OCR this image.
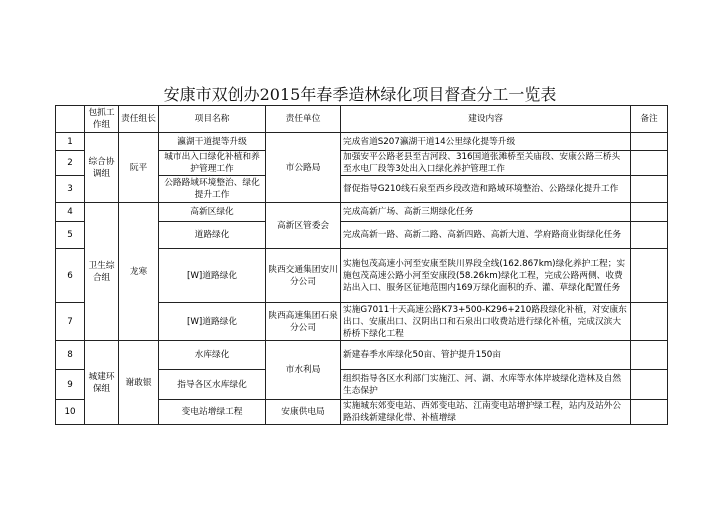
安康市双创办2015年春季造林绿化项目督查分工一览表
	包抓工作组	责任组长	项目名称	责任单位	建设内容	备注
1	综合协调组	阮平	瀛湖干道提等升级	市公路局	完成省道S207瀛湖干道14公里绿化提等升级	
2			城市出入口绿化补植和养护管理工作		加强安平公路老县至吉河段、316国道张滩桥至关庙段、安康公路三桥头至水电厂段等3处出入口绿化养护管理工作	
3			公路路域环境整治、绿化提升工作		督促指导G210线石泉至西乡段改造和路域环境整治、公路绿化提升工作	
4	卫生综合组	龙寒	高新区绿化	高新区管委会	完成高新广场、高新三期绿化任务	
5			道路绿化		完成高新一路、高新二路、高新四路、高新大道、学府路商业街绿化任务	
6			[W]道路绿化	陕西交通集团安川分公司	实施包茂高速小河至安康至陕川界段全线(162.867km)绿化养护工程；实施包茂高速公路小河至安康段(58.26km)绿化工程，完成公路两侧、收费站出入口、服务区征地范围内169万绿化面积的乔、灌、草绿化配置任务	
7			[W]道路绿化	陕西高速集团石泉分公司	实施G7011十天高速公路K73+500-K296+210路段绿化补植，对安康东出口、安康出口、汉阴出口和石泉出口收费站进行绿化补植，完成汉滨大桥桥下绿化工程	
8	城建环保组	谢敢银	水库绿化	市水利局	新建春季水库绿化50亩、管护提升150亩	
9			指导各区水库绿化		组织指导各区水利部门实施江、河、湖、水库等水体岸坡绿化造林及自然生态保护	
10			变电站增绿工程	安康供电局	实施城东郊变电站、西郊变电站、江南变电站增护绿工程，站内及站外公路沿线新建绿化带、补植增绿	
